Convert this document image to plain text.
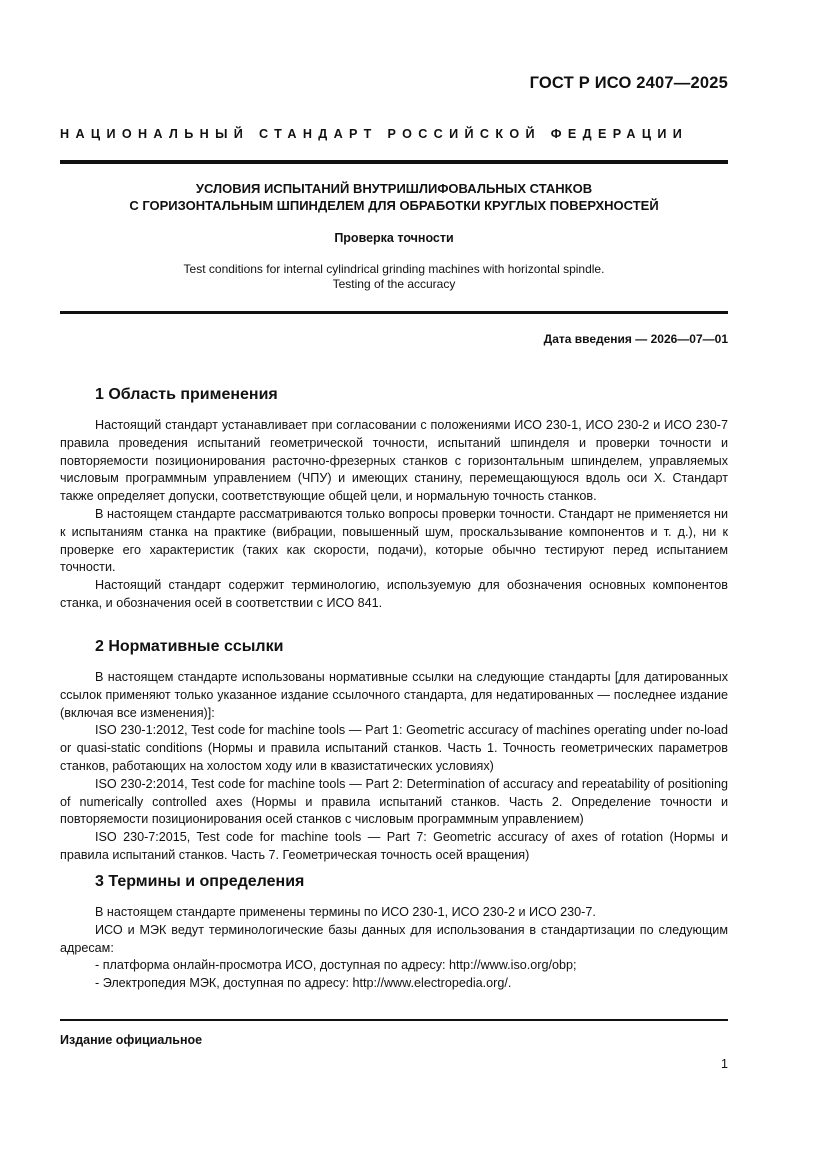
ГОСТ Р ИСО 2407—2025
НАЦИОНАЛЬНЫЙ СТАНДАРТ РОССИЙСКОЙ ФЕДЕРАЦИИ
УСЛОВИЯ ИСПЫТАНИЙ ВНУТРИШЛИФОВАЛЬНЫХ СТАНКОВ
С ГОРИЗОНТАЛЬНЫМ ШПИНДЕЛЕМ ДЛЯ ОБРАБОТКИ КРУГЛЫХ ПОВЕРХНОСТЕЙ
Проверка точности
Test conditions for internal cylindrical grinding machines with horizontal spindle.
Testing of the accuracy
Дата введения — 2026—07—01
1 Область применения

Настоящий стандарт устанавливает при согласовании с положениями ИСО 230-1, ИСО 230-2 и ИСО 230-7 правила проведения испытаний геометрической точности, испытаний шпинделя и проверки точности и повторяемости позиционирования расточно-фрезерных станков с горизонтальным шпинделем, управляемых числовым программным управлением (ЧПУ) и имеющих станину, перемещающуюся вдоль оси X. Стандарт также определяет допуски, соответствующие общей цели, и нормальную точность станков.

В настоящем стандарте рассматриваются только вопросы проверки точности. Стандарт не применяется ни к испытаниям станка на практике (вибрации, повышенный шум, проскальзывание компонентов и т. д.), ни к проверке его характеристик (таких как скорости, подачи), которые обычно тестируют перед испытанием точности.

Настоящий стандарт содержит терминологию, используемую для обозначения основных компонентов станка, и обозначения осей в соответствии с ИСО 841.

2 Нормативные ссылки

В настоящем стандарте использованы нормативные ссылки на следующие стандарты [для датированных ссылок применяют только указанное издание ссылочного стандарта, для недатированных — последнее издание (включая все изменения)]:

ISO 230-1:2012, Test code for machine tools — Part 1: Geometric accuracy of machines operating under no-load or quasi-static conditions (Нормы и правила испытаний станков. Часть 1. Точность геометрических параметров станков, работающих на холостом ходу или в квазистатических условиях)

ISO 230-2:2014, Test code for machine tools — Part 2: Determination of accuracy and repeatability of positioning of numerically controlled axes (Нормы и правила испытаний станков. Часть 2. Определение точности и повторяемости позиционирования осей станков с числовым программным управлением)

ISO 230-7:2015, Test code for machine tools — Part 7: Geometric accuracy of axes of rotation (Нормы и правила испытаний станков. Часть 7. Геометрическая точность осей вращения)

3 Термины и определения

В настоящем стандарте применены термины по ИСО 230-1, ИСО 230-2 и ИСО 230-7.

ИСО и МЭК ведут терминологические базы данных для использования в стандартизации по следующим адресам:

- платформа онлайн-просмотра ИСО, доступная по адресу: http://www.iso.org/obp;

- Электропедия МЭК, доступная по адресу: http://www.electropedia.org/.

Издание официальное
1
